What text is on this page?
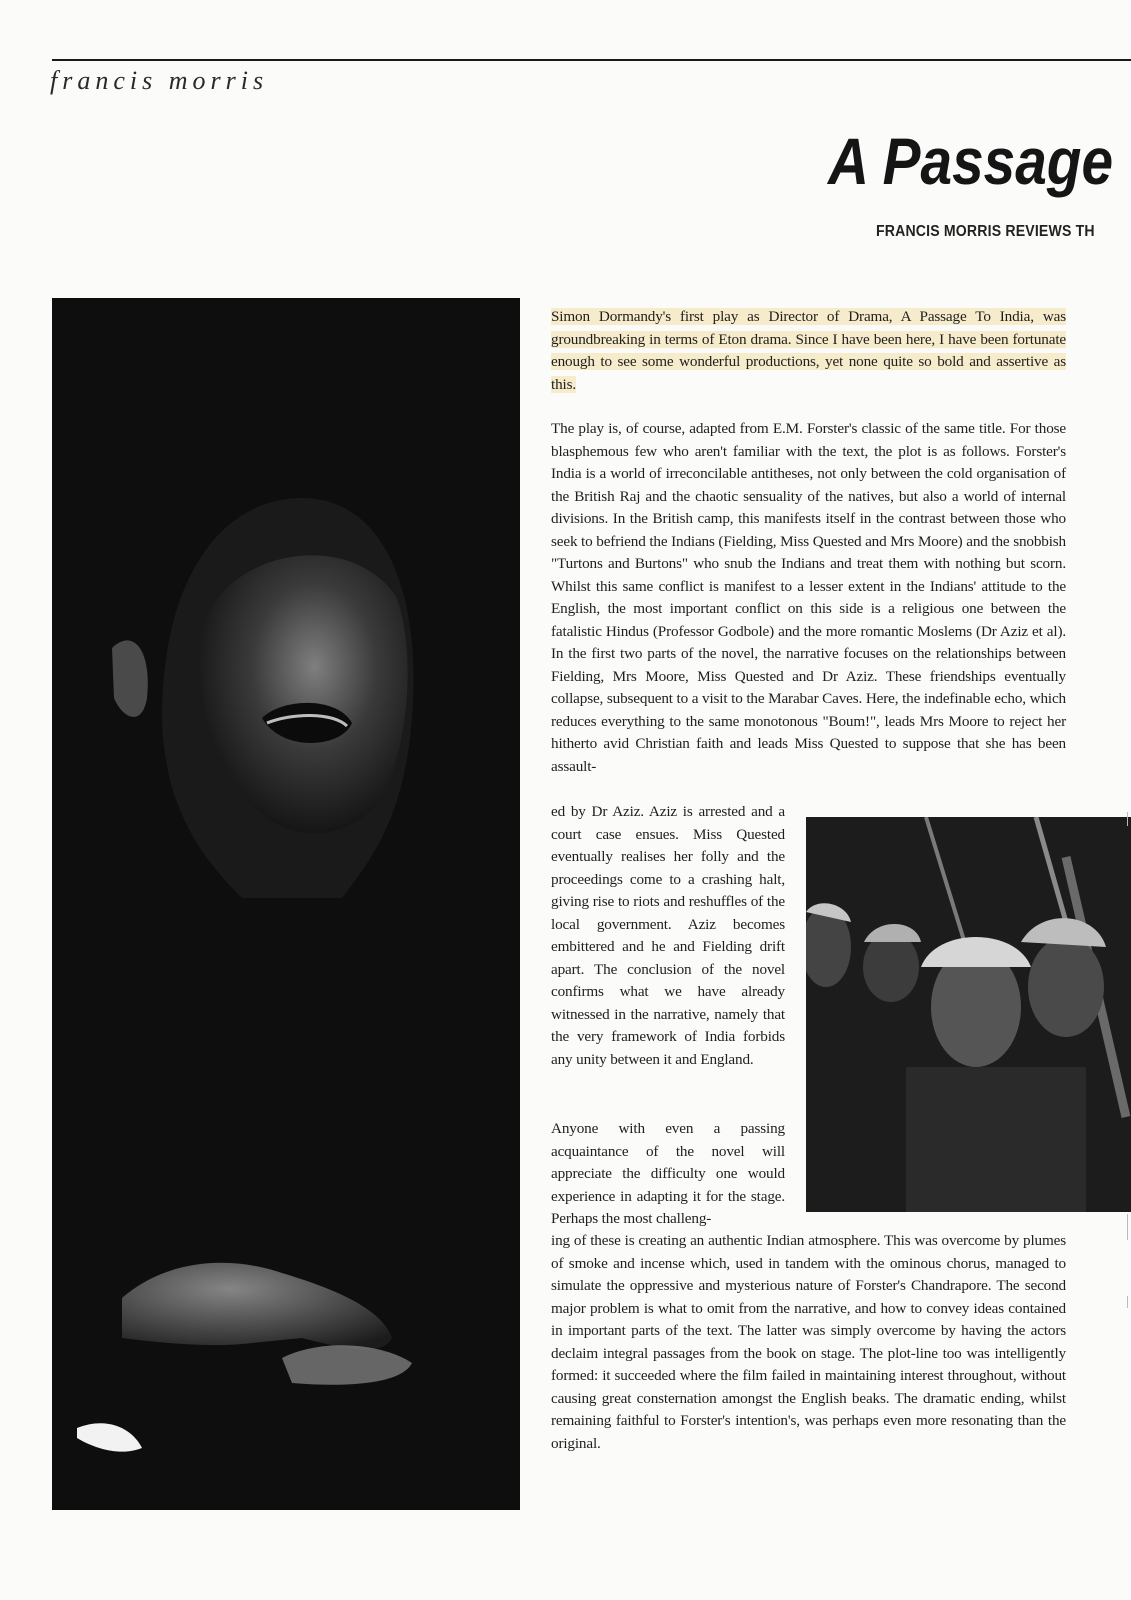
francis morris
A Passage

FRANCIS MORRIS REVIEWS TH

Simon Dormandy's first play as Director of Drama, A Passage To India, was groundbreaking in terms of Eton drama. Since I have been here, I have been fortunate enough to see some wonderful productions, yet none quite so bold and assertive as this.

The play is, of course, adapted from E.M. Forster's classic of the same title. For those blasphemous few who aren't familiar with the text, the plot is as follows. Forster's India is a world of irreconcilable antitheses, not only between the cold organisation of the British Raj and the chaotic sensuality of the natives, but also a world of internal divisions. In the British camp, this manifests itself in the contrast between those who seek to befriend the Indians (Fielding, Miss Quested and Mrs Moore) and the snobbish "Turtons and Burtons" who snub the Indians and treat them with nothing but scorn. Whilst this same conflict is manifest to a lesser extent in the Indians' attitude to the English, the most important conflict on this side is a religious one between the fatalistic Hindus (Professor Godbole) and the more romantic Moslems (Dr Aziz et al). In the first two parts of the novel, the narrative focuses on the relationships between Fielding, Mrs Moore, Miss Quested and Dr Aziz. These friendships eventually collapse, subsequent to a visit to the Marabar Caves. Here, the indefinable echo, which reduces everything to the same monotonous "Boum!", leads Mrs Moore to reject her hitherto avid Christian faith and leads Miss Quested to suppose that she has been assault-

ed by Dr Aziz. Aziz is arrested and a court case ensues. Miss Quested eventually realises her folly and the proceedings come to a crashing halt, giving rise to riots and reshuffles of the local government. Aziz becomes embittered and he and Fielding drift apart. The conclusion of the novel confirms what we have already witnessed in the narrative, namely that the very framework of India forbids any unity between it and England.

Anyone with even a passing acquaintance of the novel will appreciate the difficulty one would experience in adapting it for the stage. Perhaps the most challeng-

ing of these is creating an authentic Indian atmosphere. This was overcome by plumes of smoke and incense which, used in tandem with the ominous chorus, managed to simulate the oppressive and mysterious nature of Forster's Chandrapore. The second major problem is what to omit from the narrative, and how to convey ideas contained in important parts of the text. The latter was simply overcome by having the actors declaim integral passages from the book on stage. The plot-line too was intelligently formed: it succeeded where the film failed in maintaining interest throughout, without causing great consternation amongst the English beaks. The dramatic ending, whilst remaining faithful to Forster's intention's, was perhaps even more resonating than the original.
